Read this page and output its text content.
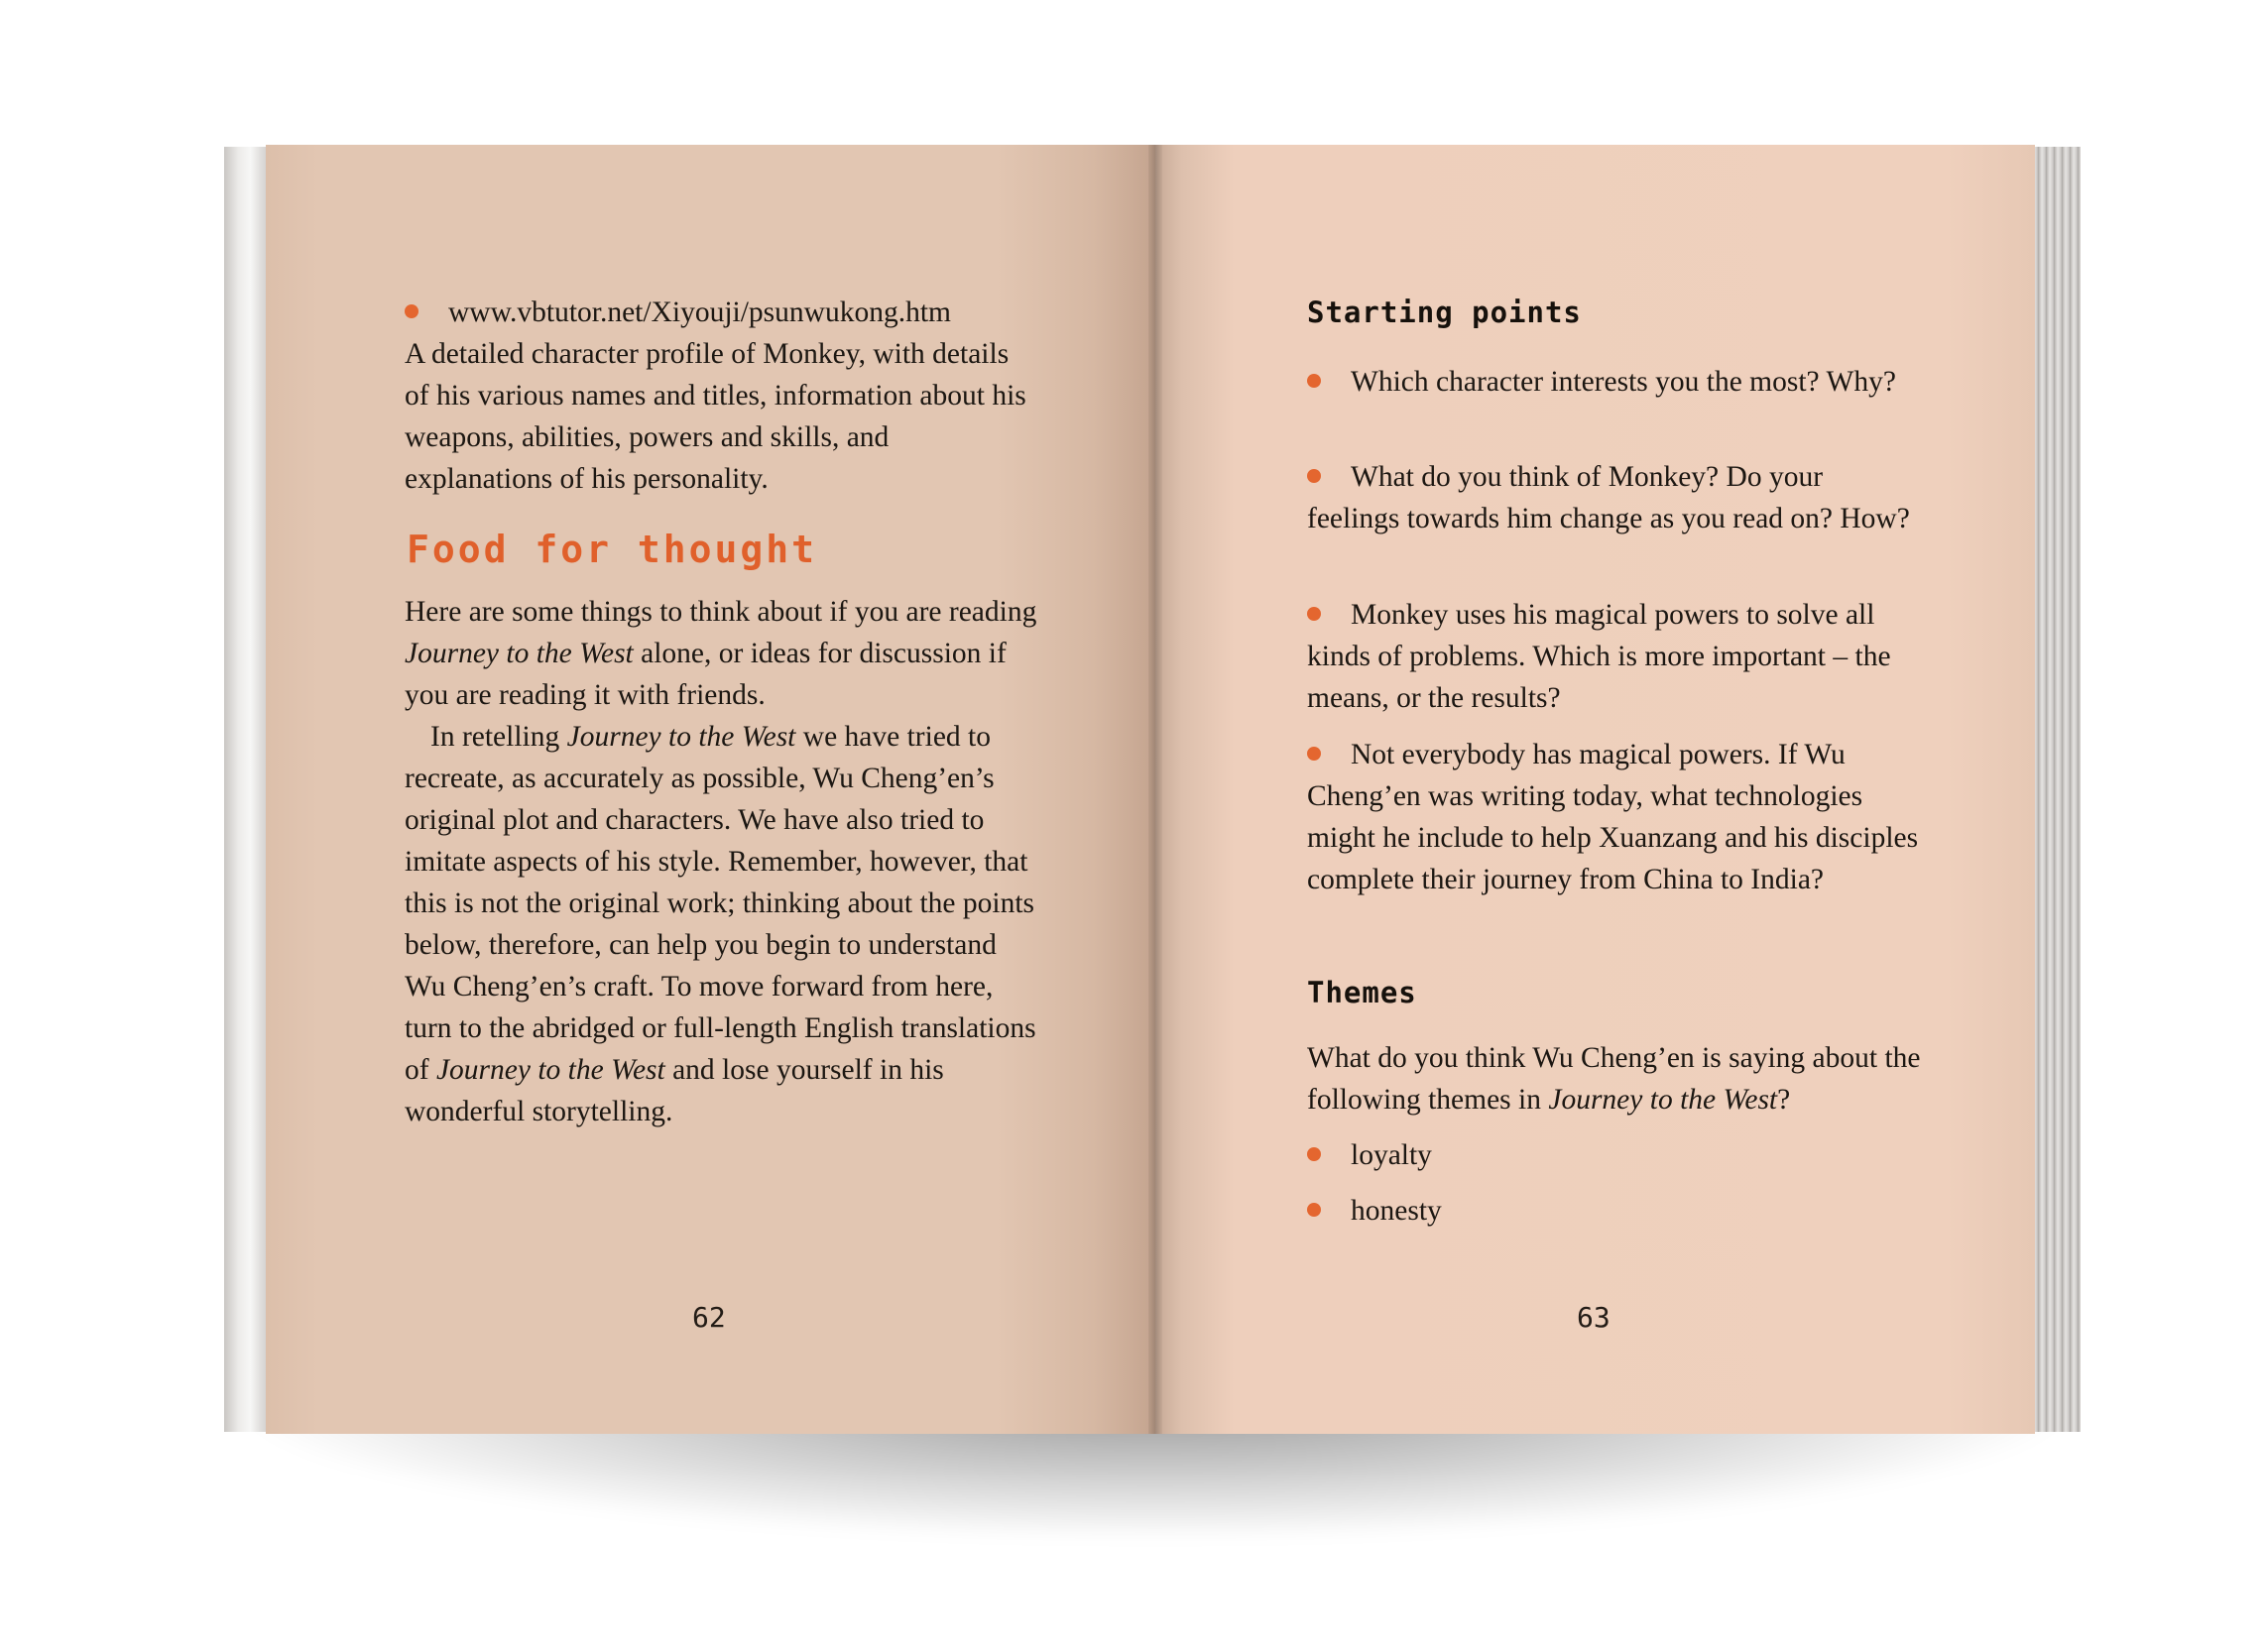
www.vbtutor.net/Xiyouji/psunwukong.htm

A detailed character profile of Monkey, with details of his various names and titles, information about his weapons, abilities, powers and skills, and explanations of his personality.

Food for thought

Here are some things to think about if you are reading Journey to the West alone, or ideas for discussion if you are reading it with friends.

In retelling Journey to the West we have tried to recreate, as accurately as possible, Wu Cheng’en’s original plot and characters. We have also tried to imitate aspects of his style. Remember, however, that this is not the original work; thinking about the points below, therefore, can help you begin to understand Wu Cheng’en’s craft. To move forward from here, turn to the abridged or full-length English translations of Journey to the West and lose yourself in his wonderful storytelling.

62
Starting points

Which character interests you the most? Why?

What do you think of Monkey? Do your feelings towards him change as you read on? How?

Monkey uses his magical powers to solve all kinds of problems. Which is more important – the means, or the results?

Not everybody has magical powers. If Wu Cheng’en was writing today, what technologies might he include to help Xuanzang and his disciples complete their journey from China to India?

Themes

What do you think Wu Cheng’en is saying about the following themes in Journey to the West?

loyalty

honesty

63
